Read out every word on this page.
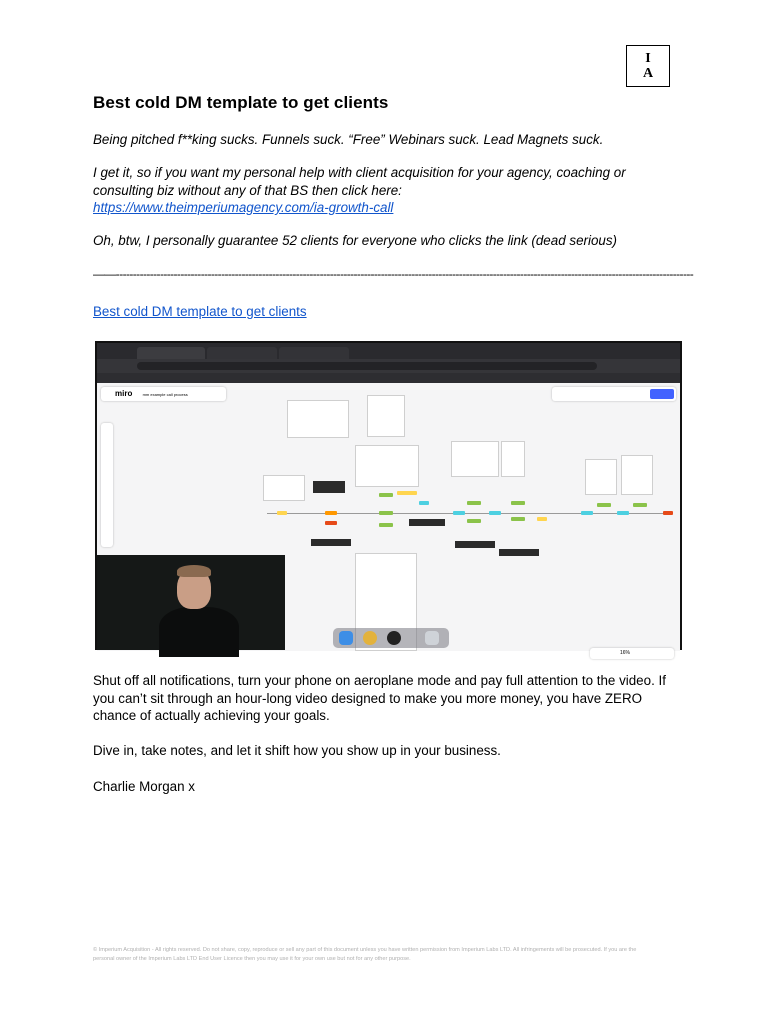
I
A
Best cold DM template to get clients

Being pitched f**king sucks. Funnels suck. “Free” Webinars suck. Lead Magnets suck.

I get it, so if you want my personal help with client acquisition for your agency, coaching or consulting biz without any of that BS then click here:
https://www.theimperiumagency.com/ia-growth-call

Oh, btw, I personally guarantee 52 clients for everyone who clicks the link (dead serious)

——--------------------------------------------------------------------------------------------------------------------------------------------------------------------------

Best cold DM template to get clients

miro	mm example call process
16%

Shut off all notifications, turn your phone on aeroplane mode and pay full attention to the video. If you can’t sit through an hour-long video designed to make you more money, you have ZERO chance of actually achieving your goals.

Dive in, take notes, and let it shift how you show up in your business.

Charlie Morgan x

© Imperium Acquisition - All rights reserved. Do not share, copy, reproduce or sell any part of this document unless you have written permission from Imperium Labs LTD. All infringements will be prosecuted. If you are the personal owner of the Imperium Labs LTD End User Licence then you may use it for your own use but not for any other purpose.
